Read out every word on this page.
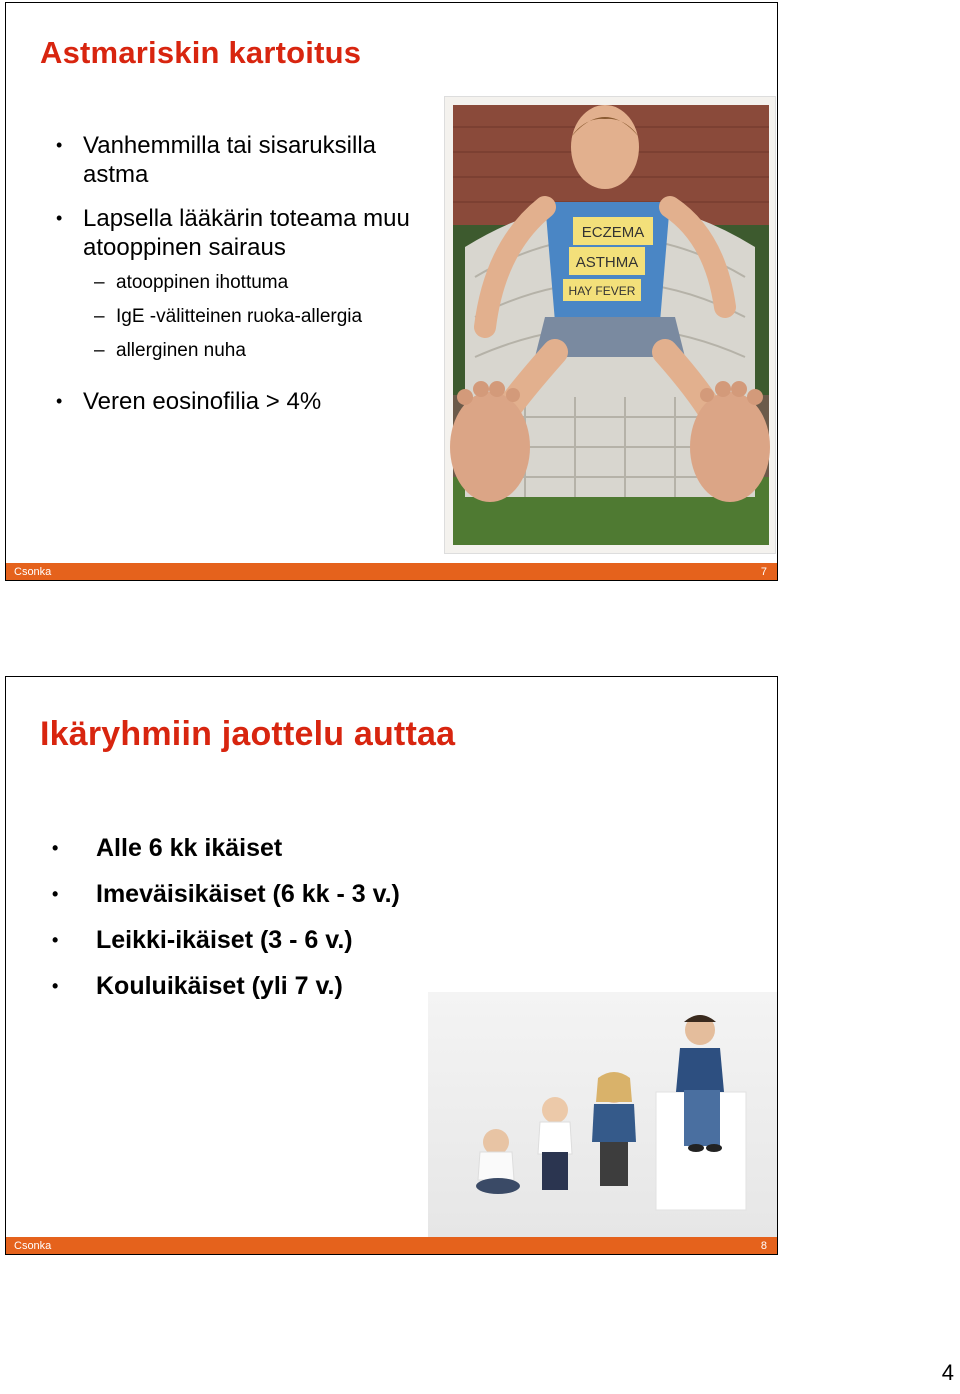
Astmariskin kartoitus
• Vanhemmilla tai sisaruksilla astma
• Lapsella lääkärin toteama muu atooppinen sairaus
– atooppinen ihottuma
– IgE -välitteinen ruoka-allergia
– allerginen nuha
• Veren eosinofilia > 4%
ECZEMA
ASTHMA
HAY FEVER
Csonka	7
Ikäryhmiin jaottelu auttaa
• Alle 6 kk ikäiset
• Imeväisikäiset (6 kk - 3 v.)
• Leikki-ikäiset (3 - 6 v.)
• Kouluikäiset (yli 7 v.)
Csonka	8
4
